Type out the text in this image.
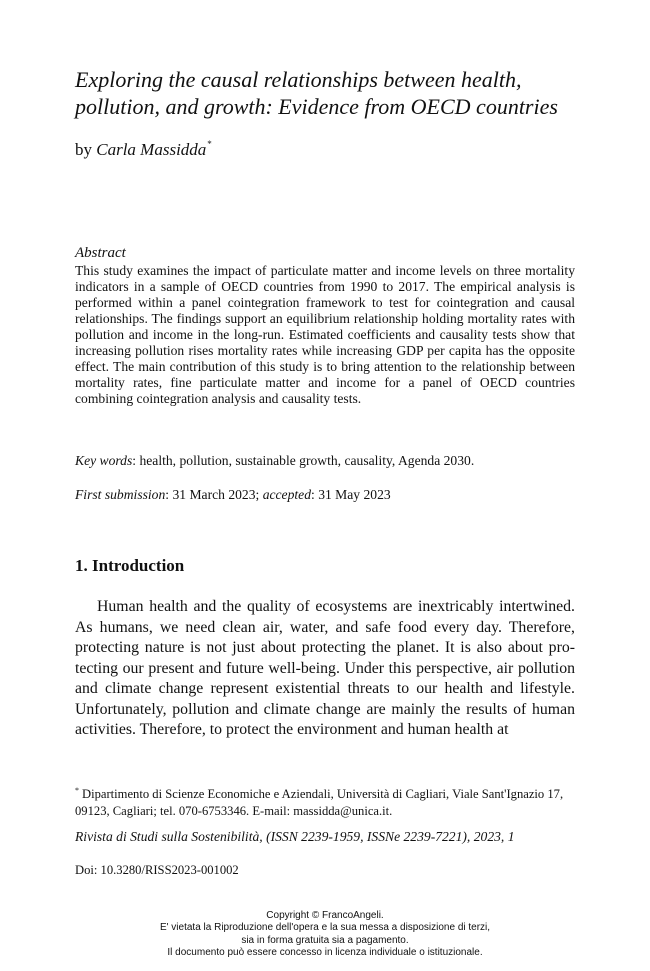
Exploring the causal relationships between health, pollution, and growth: Evidence from OECD countries
by Carla Massidda*
Abstract
This study examines the impact of particulate matter and income levels on three mortality indicators in a sample of OECD countries from 1990 to 2017. The empirical analysis is performed within a panel cointegration framework to test for cointegration and causal relationships. The findings support an equilibrium relationship holding mortality rates with pollution and income in the long-run. Estimated coefficients and causality tests show that increasing pollution rises mortality rates while increasing GDP per capita has the opposite effect. The main contribution of this study is to bring attention to the relationship between mortality rates, fine particulate matter and income for a panel of OECD countries combining cointegration analysis and causality tests.
Key words: health, pollution, sustainable growth, causality, Agenda 2030.
First submission: 31 March 2023; accepted: 31 May 2023
1. Introduction
Human health and the quality of ecosystems are inextricably intertwined. As humans, we need clean air, water, and safe food every day. Therefore, protecting nature is not just about protecting the planet. It is also about protecting our present and future well-being. Under this perspective, air pollution and climate change represent existential threats to our health and lifestyle. Unfortunately, pollution and climate change are mainly the results of human activities. Therefore, to protect the environment and human health at
* Dipartimento di Scienze Economiche e Aziendali, Università di Cagliari, Viale Sant'Ignazio 17, 09123, Cagliari; tel. 070-6753346. E-mail: massidda@unica.it.
Rivista di Studi sulla Sostenibilità, (ISSN 2239-1959, ISSNe 2239-7221), 2023, 1
Doi: 10.3280/RISS2023-001002
Copyright © FrancoAngeli.
E' vietata la Riproduzione dell'opera e la sua messa a disposizione di terzi,
sia in forma gratuita sia a pagamento.
Il documento può essere concesso in licenza individuale o istituzionale.
